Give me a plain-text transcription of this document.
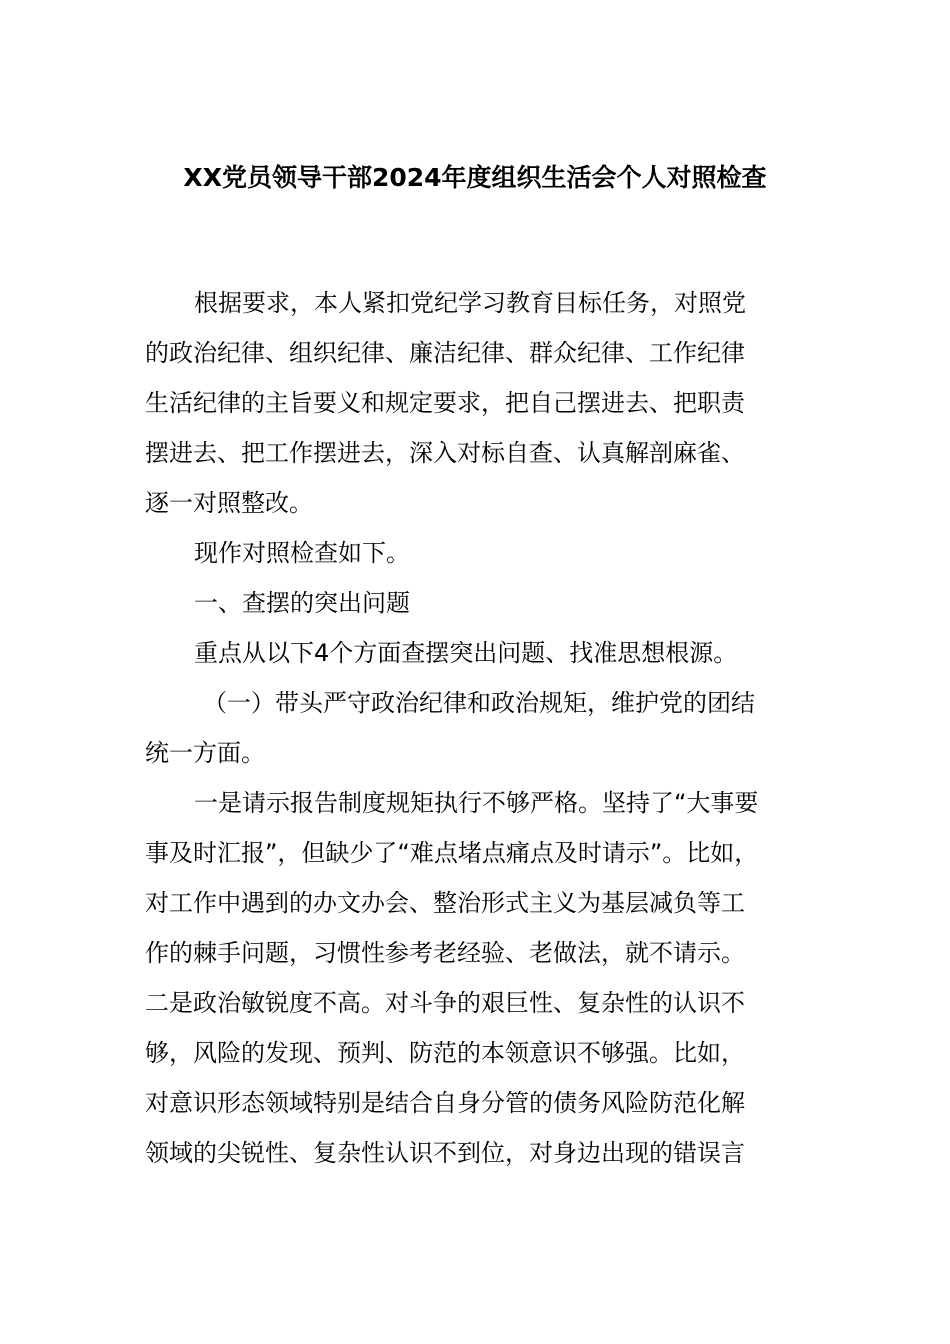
XX党员领导干部2024年度组织生活会个人对照检查
根据要求，本人紧扣党纪学习教育目标任务，对照党
的政治纪律、组织纪律、廉洁纪律、群众纪律、工作纪律
生活纪律的主旨要义和规定要求，把自己摆进去、把职责
摆进去、把工作摆进去，深入对标自查、认真解剖麻雀、
逐一对照整改。
现作对照检查如下。
一、查摆的突出问题
重点从以下4个方面查摆突出问题、找准思想根源。
（一）带头严守政治纪律和政治规矩，维护党的团结
统一方面。
一是请示报告制度规矩执行不够严格。坚持了“大事要
事及时汇报”，但缺少了“难点堵点痛点及时请示”。比如，
对工作中遇到的办文办会、整治形式主义为基层减负等工
作的棘手问题，习惯性参考老经验、老做法，就不请示。
二是政治敏锐度不高。对斗争的艰巨性、复杂性的认识不
够，风险的发现、预判、防范的本领意识不够强。比如，
对意识形态领域特别是结合自身分管的债务风险防范化解
领域的尖锐性、复杂性认识不到位，对身边出现的错误言
